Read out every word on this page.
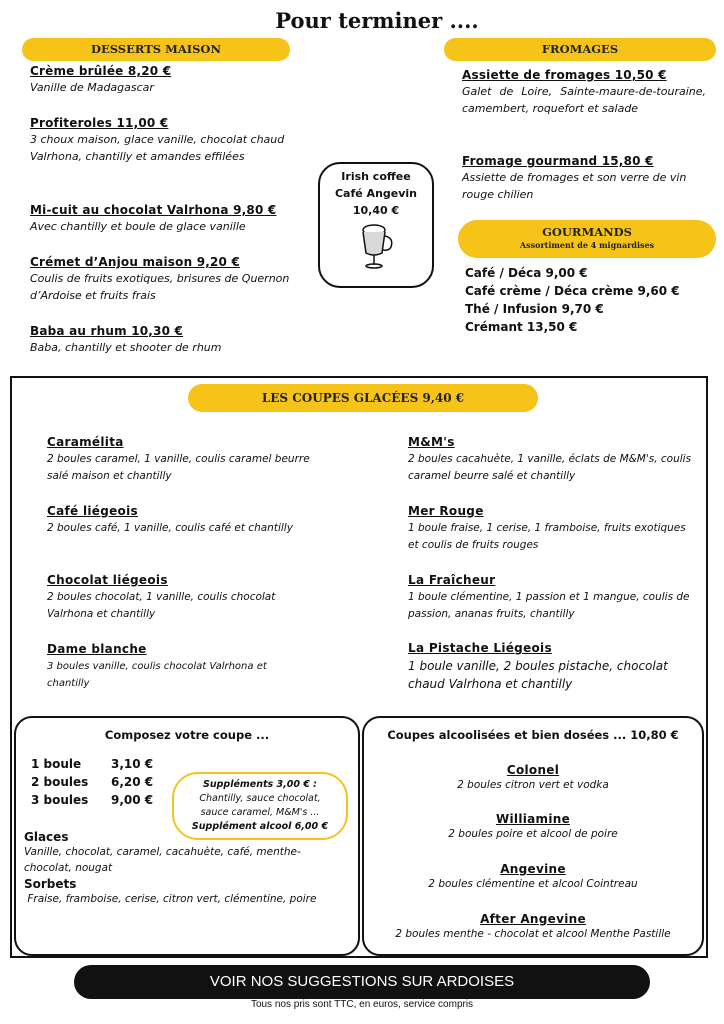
Pour terminer ....
DESSERTS MAISON
Crème brûlée 8,20 €
Vanille de Madagascar
Profiteroles 11,00 €
3 choux maison, glace vanille, chocolat chaud Valrhona, chantilly et amandes effilées
Mi-cuit au chocolat Valrhona 9,80 €
Avec chantilly et boule de glace vanille
Crémet d’Anjou maison 9,20 €
Coulis de fruits exotiques, brisures de Quernon d’Ardoise et fruits frais
Baba au rhum 10,30 €
Baba, chantilly et shooter de rhum
Irish coffee
Café Angevin
10,40 €
FROMAGES
Assiette de fromages 10,50 €
Galet de Loire, Sainte-maure-de-touraine, camembert, roquefort et salade
Fromage gourmand 15,80 €
Assiette de fromages et son verre de vin rouge chilien
GOURMANDS
Assortiment de 4 mignardises
Café / Déca 9,00 €
Café crème / Déca crème 9,60 €
Thé / Infusion 9,70 €
Crémant 13,50 €
LES COUPES GLACÉES 9,40 €
Caramélita
2 boules caramel, 1 vanille, coulis caramel beurre salé maison et chantilly
Café liégeois
2 boules café, 1 vanille, coulis café et chantilly
Chocolat liégeois
2 boules chocolat, 1 vanille, coulis chocolat Valrhona et chantilly
Dame blanche
3 boules vanille, coulis chocolat Valrhona et chantilly
M&M's
2 boules cacahuète, 1 vanille, éclats de M&M's, coulis caramel beurre salé et chantilly
Mer Rouge
1 boule fraise, 1 cerise, 1 framboise, fruits exotiques et coulis de fruits rouges
La Fraîcheur
1 boule clémentine, 1 passion et 1 mangue, coulis de passion, ananas fruits, chantilly
La Pistache Liégeois
1 boule vanille, 2 boules pistache, chocolat chaud Valrhona et chantilly
Composez votre coupe ...
1 boule 3,10 €
2 boules 6,20 €
3 boules 9,00 €
Suppléments 3,00 € :
Chantilly, sauce chocolat,
sauce caramel, M&M's ...
Supplément alcool 6,00 €
Glaces
Vanille, chocolat, caramel, cacahuète, café, menthe-chocolat, nougat
Sorbets
Fraise, framboise, cerise, citron vert, clémentine, poire
Coupes alcoolisées et bien dosées ... 10,80 €
Colonel
2 boules citron vert et vodka
Williamine
2 boules poire et alcool de poire
Angevine
2 boules clémentine et alcool Cointreau
After Angevine
2 boules menthe - chocolat et alcool Menthe Pastille
VOIR NOS SUGGESTIONS SUR ARDOISES
Tous nos pris sont TTC, en euros, service compris
